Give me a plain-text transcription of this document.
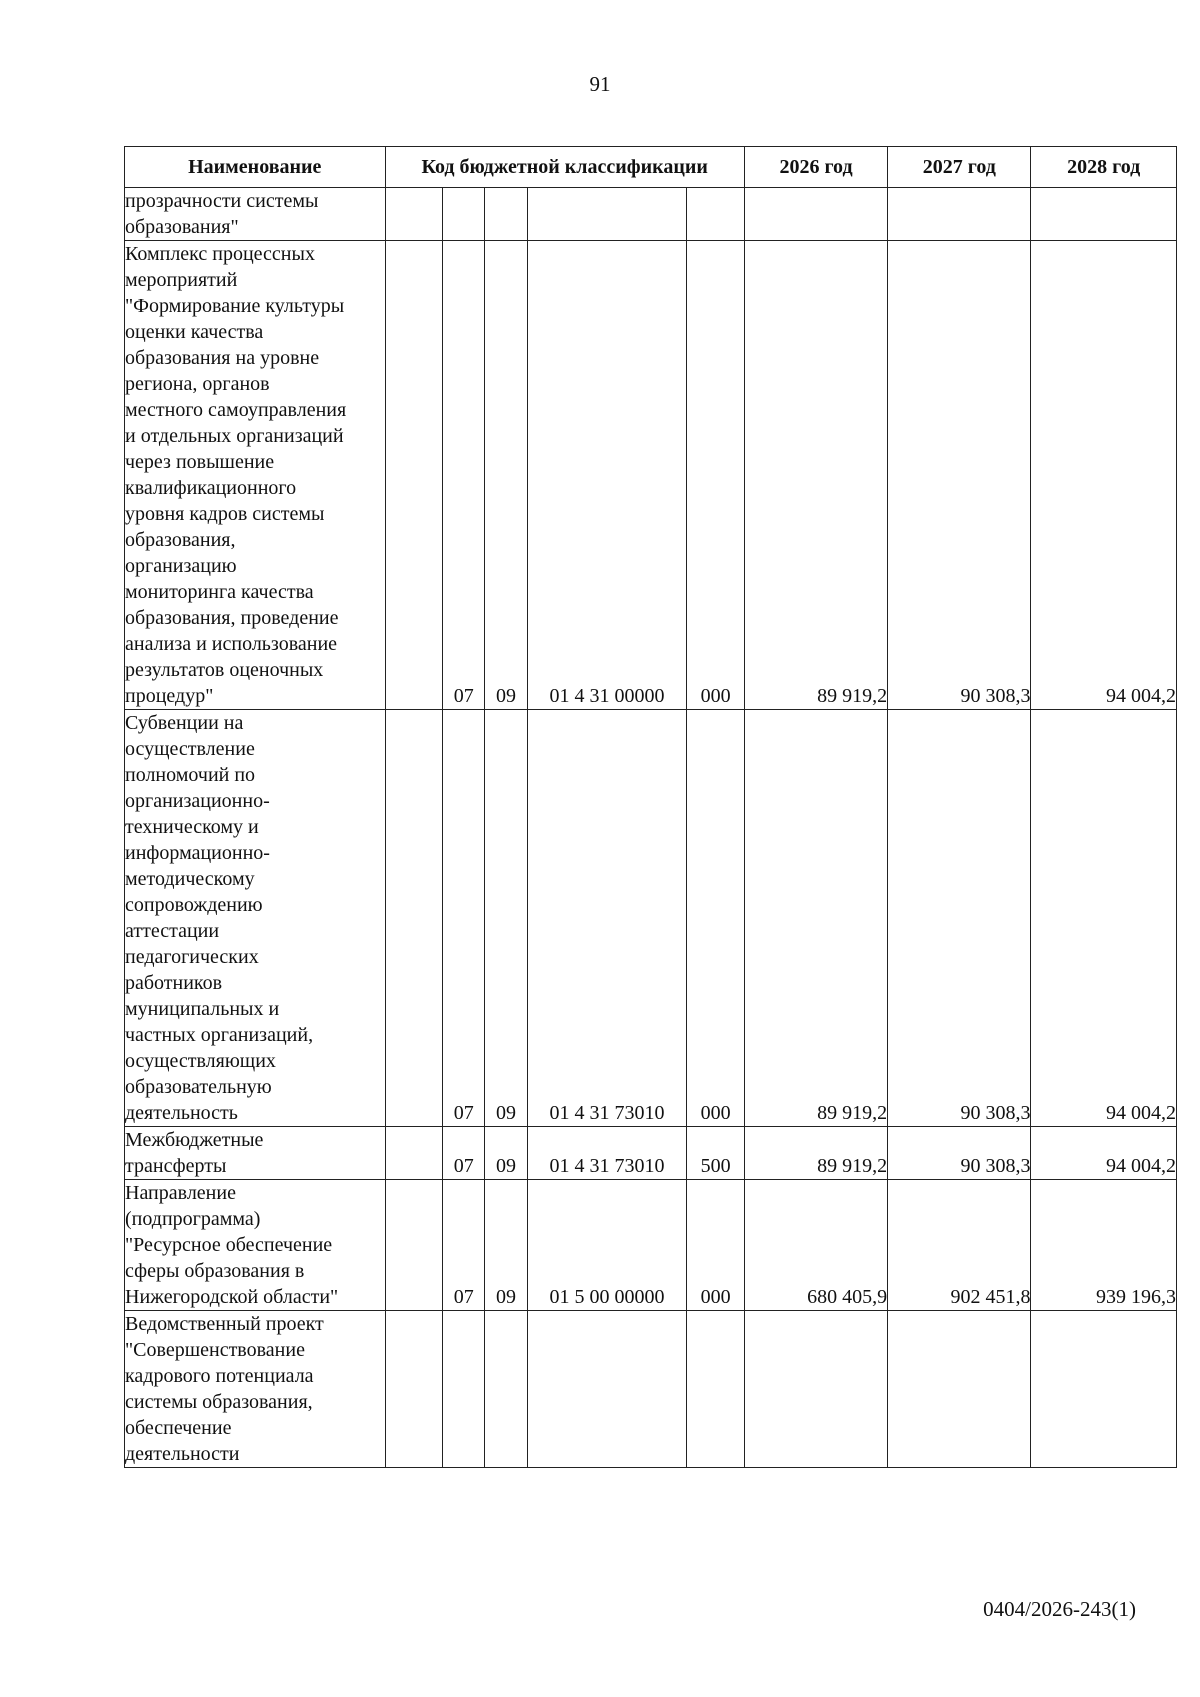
91
Наименование	Код бюджетной классификации					2026 год	2027 год	2028 год

прозрачности системы образования"								

Комплекс процессных мероприятий "Формирование культуры оценки качества образования на уровне региона, органов местного самоуправления и отдельных организаций через повышение квалификационного уровня кадров системы образования, организацию мониторинга качества образования, проведение анализа и использование результатов оценочных процедур"		07	09	01 4 31 00000	000	89 919,2	90 308,3	94 004,2

Субвенции на осуществление полномочий по организационно-техническому и информационно-методическому сопровождению аттестации педагогических работников муниципальных и частных организаций, осуществляющих образовательную деятельность		07	09	01 4 31 73010	000	89 919,2	90 308,3	94 004,2

Межбюджетные трансферты		07	09	01 4 31 73010	500	89 919,2	90 308,3	94 004,2

Направление (подпрограмма) "Ресурсное обеспечение сферы образования в Нижегородской области"		07	09	01 5 00 00000	000	680 405,9	902 451,8	939 196,3

Ведомственный проект "Совершенствование кадрового потенциала системы образования, обеспечение деятельности								

0404/2026-243(1)
